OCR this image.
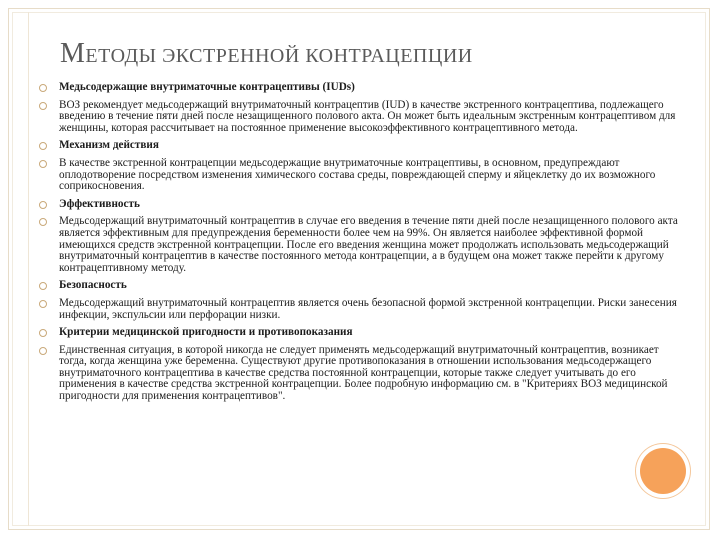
МЕТОДЫ ЭКСТРЕННОЙ КОНТРАЦЕПЦИИ
Медьсодержащие внутриматочные контрацептивы (IUDs)
ВОЗ рекомендует медьсодержащий внутриматочный контрацептив (IUD) в качестве экстренного контрацептива, подлежащего введению в течение пяти дней после незащищенного полового акта. Он может быть идеальным экстренным контрацептивом для женщины, которая рассчитывает на постоянное применение высокоэффективного контрацептивного метода.
Механизм действия
В качестве экстренной контрацепции медьсодержащие внутриматочные контрацептивы, в основном, предупреждают оплодотворение посредством изменения химического состава среды, повреждающей сперму и яйцеклетку до их возможного соприкосновения.
Эффективность
Медьсодержащий внутриматочный контрацептив в случае его введения в течение пяти дней после незащищенного полового акта является эффективным для предупреждения беременности более чем на 99%. Он является наиболее эффективной формой имеющихся средств экстренной контрацепции. После его введения женщина может продолжать использовать медьсодержащий внутриматочный контрацептив в качестве постоянного метода контрацепции, а в будущем она может также перейти к другому контрацептивному методу.
Безопасность
Медьсодержащий внутриматочный контрацептив является очень безопасной формой экстренной контрацепции. Риски занесения инфекции, экспульсии или перфорации низки.
Критерии медицинской пригодности и противопоказания
Единственная ситуация, в которой никогда не следует применять медьсодержащий внутриматочный контрацептив, возникает тогда, когда женщина уже беременна. Существуют другие противопоказания в отношении использования медьсодержащего внутриматочного контрацептива в качестве средства постоянной контрацепции, которые также следует учитывать до его применения в качестве средства экстренной контрацепции. Более подробную информацию см. в "Критериях ВОЗ медицинской пригодности для применения контрацептивов".
